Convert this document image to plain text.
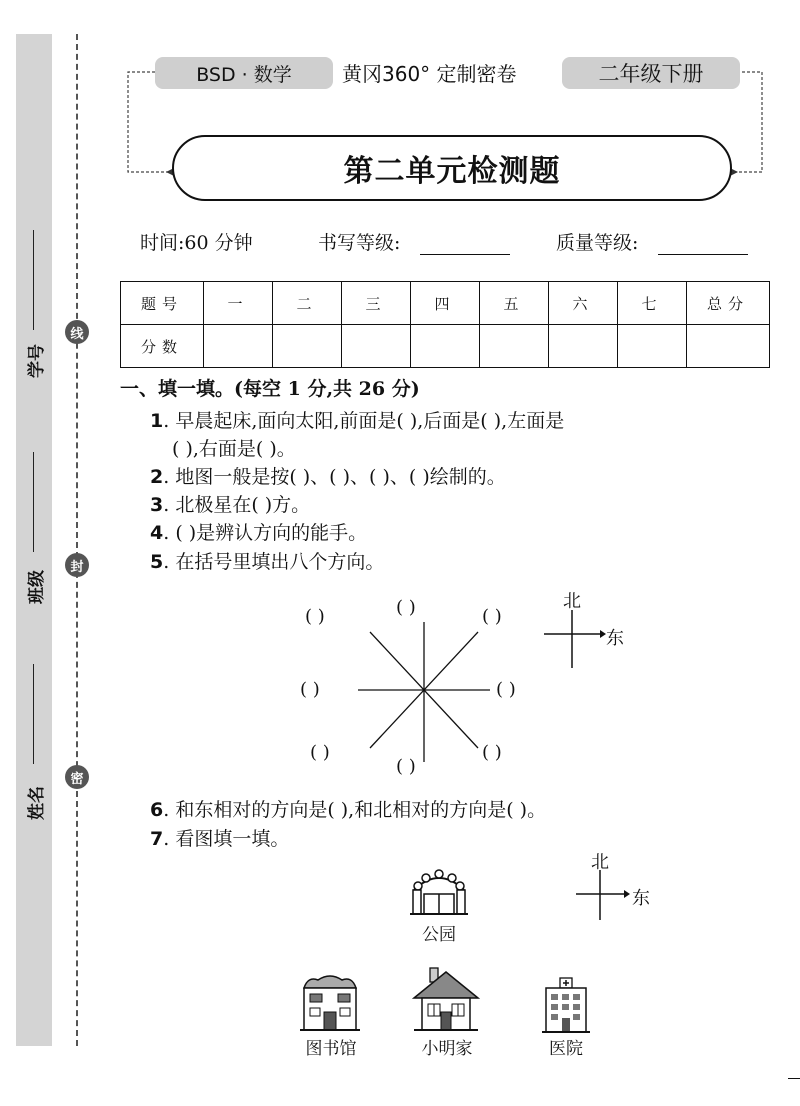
学号
班级
姓名
线
封
密
BSD · 数学	黄冈360° 定制密卷	二年级下册
第二单元检测题
时间:60 分钟	书写等级:	质量等级:
题号	一	二	三	四	五	六	七	总分
分数								
一、填一填。(每空 1 分,共 26 分)
1. 早晨起床,面向太阳,前面是( ),后面是( ),左面是
( ),右面是( )。
2. 地图一般是按( )、( )、( )、( )绘制的。
3. 北极星在( )方。
4. ( )是辨认方向的能手。
5. 在括号里填出八个方向。
( )	( )	( )
( )	( )
( )
( )
( )
北
东
6. 和东相对的方向是( ),和北相对的方向是( )。
7. 看图填一填。
北
东
公园
图书馆	小明家	医院
